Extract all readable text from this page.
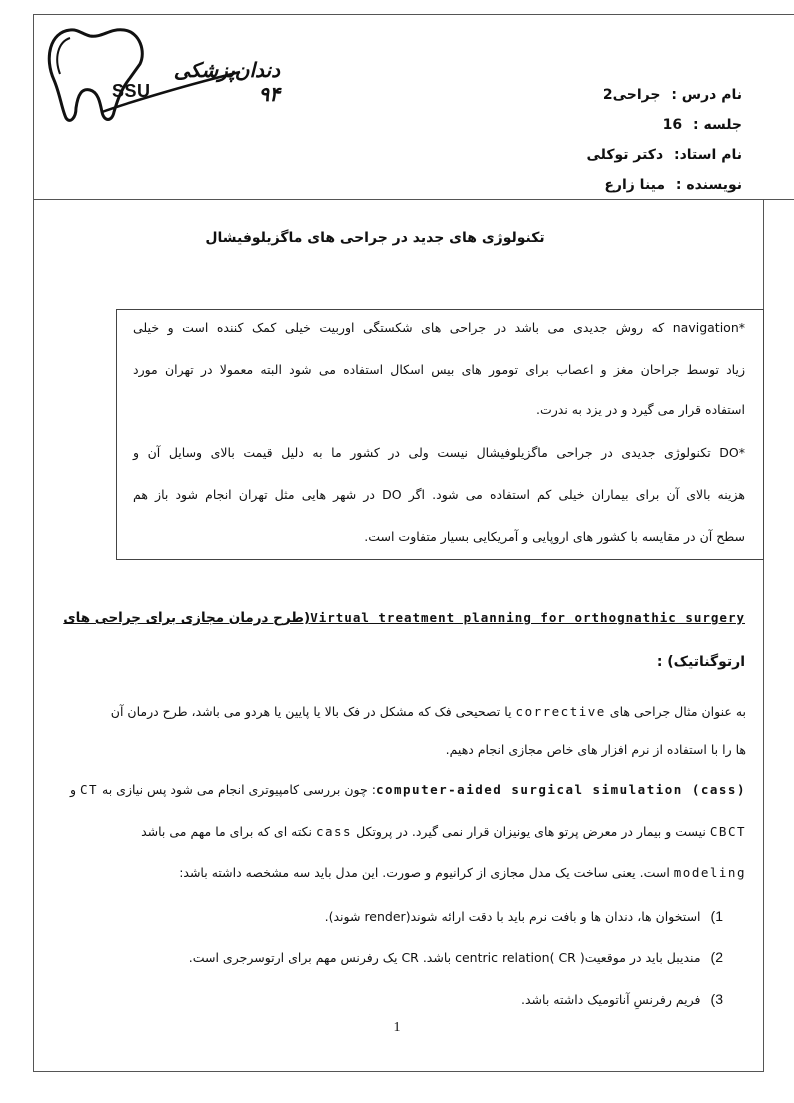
دندان‌پزشکی ۹۴
SSU	نام درس : جراحی2
جلسه : 16
نام استاد: دکتر توکلی
نویسنده : مینا زارع
تکنولوژی های جدید در جراحی های ماگزیلوفیشال
*navigation که روش جدیدی می باشد در جراحی های شکستگی اوربیت خیلی کمک کننده است و خیلی
زیاد توسط جراحان مغز و اعصاب برای تومور های بیس اسکال استفاده می شود البته معمولا در تهران مورد
استفاده قرار می گیرد و در یزد به ندرت.
*DO تکنولوژی جدیدی در جراحی ماگزیلوفیشال نیست ولی در کشور ما به دلیل قیمت بالای وسایل آن و
هزینه بالای آن برای بیماران خیلی کم استفاده می شود. اگر DO در شهر هایی مثل تهران انجام شود باز هم
سطح آن در مقایسه با کشور های اروپایی و آمریکایی بسیار متفاوت است.
Virtual treatment planning for orthognathic surgery(طرح درمان مجازی برای جراحی های
ارتوگناتیک) :
به عنوان مثال جراحی های corrective یا تصحیحی فک که مشکل در فک بالا یا پایین یا هردو می باشد، طرح درمان آن
ها را با استفاده از نرم افزار های خاص مجازی انجام دهیم.
computer-aided surgical simulation (cass): چون بررسی کامپیوتری انجام می شود پس نیازی به CT و
CBCT نیست و بیمار در معرض پرتو های یونیزان قرار نمی گیرد. در پروتکل cass نکته ای که برای ما مهم می باشد
modeling است. یعنی ساخت یک مدل مجازی از کرانیوم و صورت. این مدل باید سه مشخصه داشته باشد:
1)استخوان ها، دندان ها و بافت نرم باید با دقت ارائه شوند(render شوند).
2)مندیبل باید در موقعیت( CR )centric relation باشد. CR یک رفرنس مهم برای ارتوسرجری است.
3)فریم رفرنسِ آناتومیک داشته باشد.
1
